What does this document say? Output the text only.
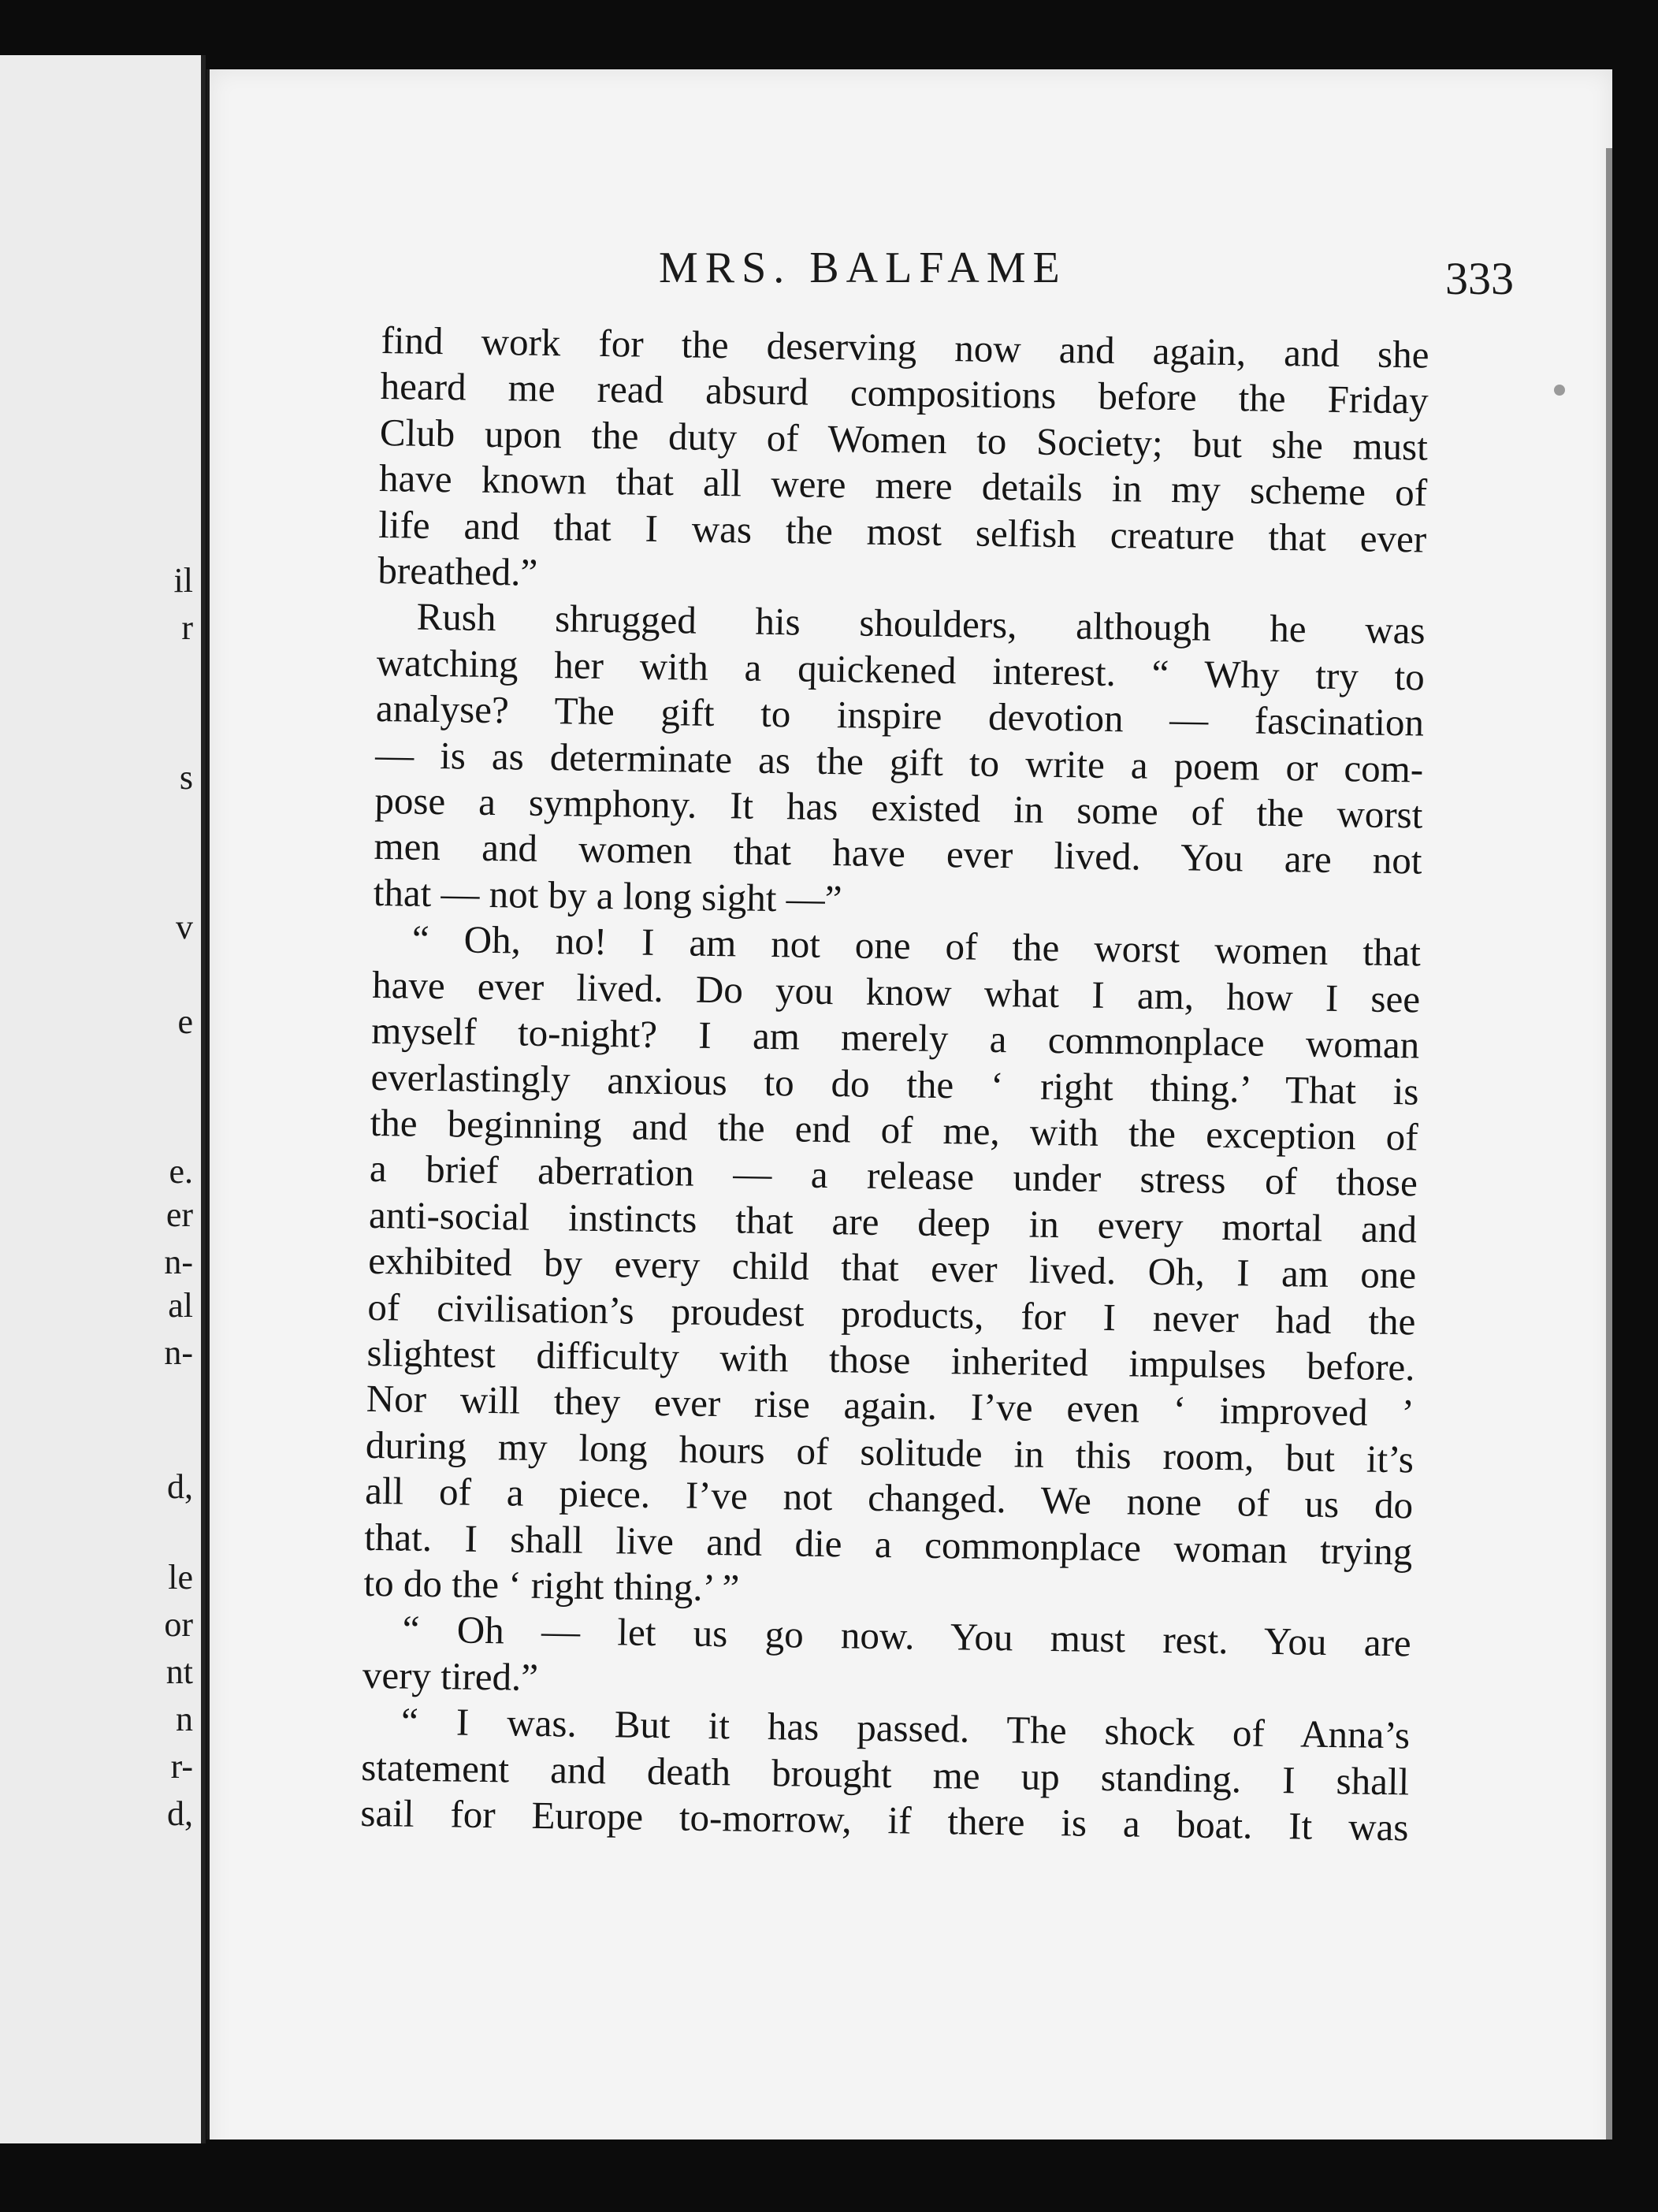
il
r
s
v
e
e.
er
n-
al
n-
d,
le
or
nt
n
r-
d,
MRS. BALFAME	333
find work for the deserving now and again, and she
heard me read absurd compositions before the Friday
Club upon the duty of Women to Society; but she must
have known that all were mere details in my scheme of
life and that I was the most selfish creature that ever
breathed.”
Rush shrugged his shoulders, although he was
watching her with a quickened interest. “ Why try to
analyse? The gift to inspire devotion — fascination
— is as determinate as the gift to write a poem or com-
pose a symphony. It has existed in some of the worst
men and women that have ever lived. You are not
that — not by a long sight —”
“ Oh, no! I am not one of the worst women that
have ever lived. Do you know what I am, how I see
myself to-night? I am merely a commonplace woman
everlastingly anxious to do the ‘ right thing.’ That is
the beginning and the end of me, with the exception of
a brief aberration — a release under stress of those
anti-social instincts that are deep in every mortal and
exhibited by every child that ever lived. Oh, I am one
of civilisation’s proudest products, for I never had the
slightest difficulty with those inherited impulses before.
Nor will they ever rise again. I’ve even ‘ improved ’
during my long hours of solitude in this room, but it’s
all of a piece. I’ve not changed. We none of us do
that. I shall live and die a commonplace woman trying
to do the ‘ right thing.’ ”
“ Oh — let us go now. You must rest. You are
very tired.”
“ I was. But it has passed. The shock of Anna’s
statement and death brought me up standing. I shall
sail for Europe to-morrow, if there is a boat. It was
